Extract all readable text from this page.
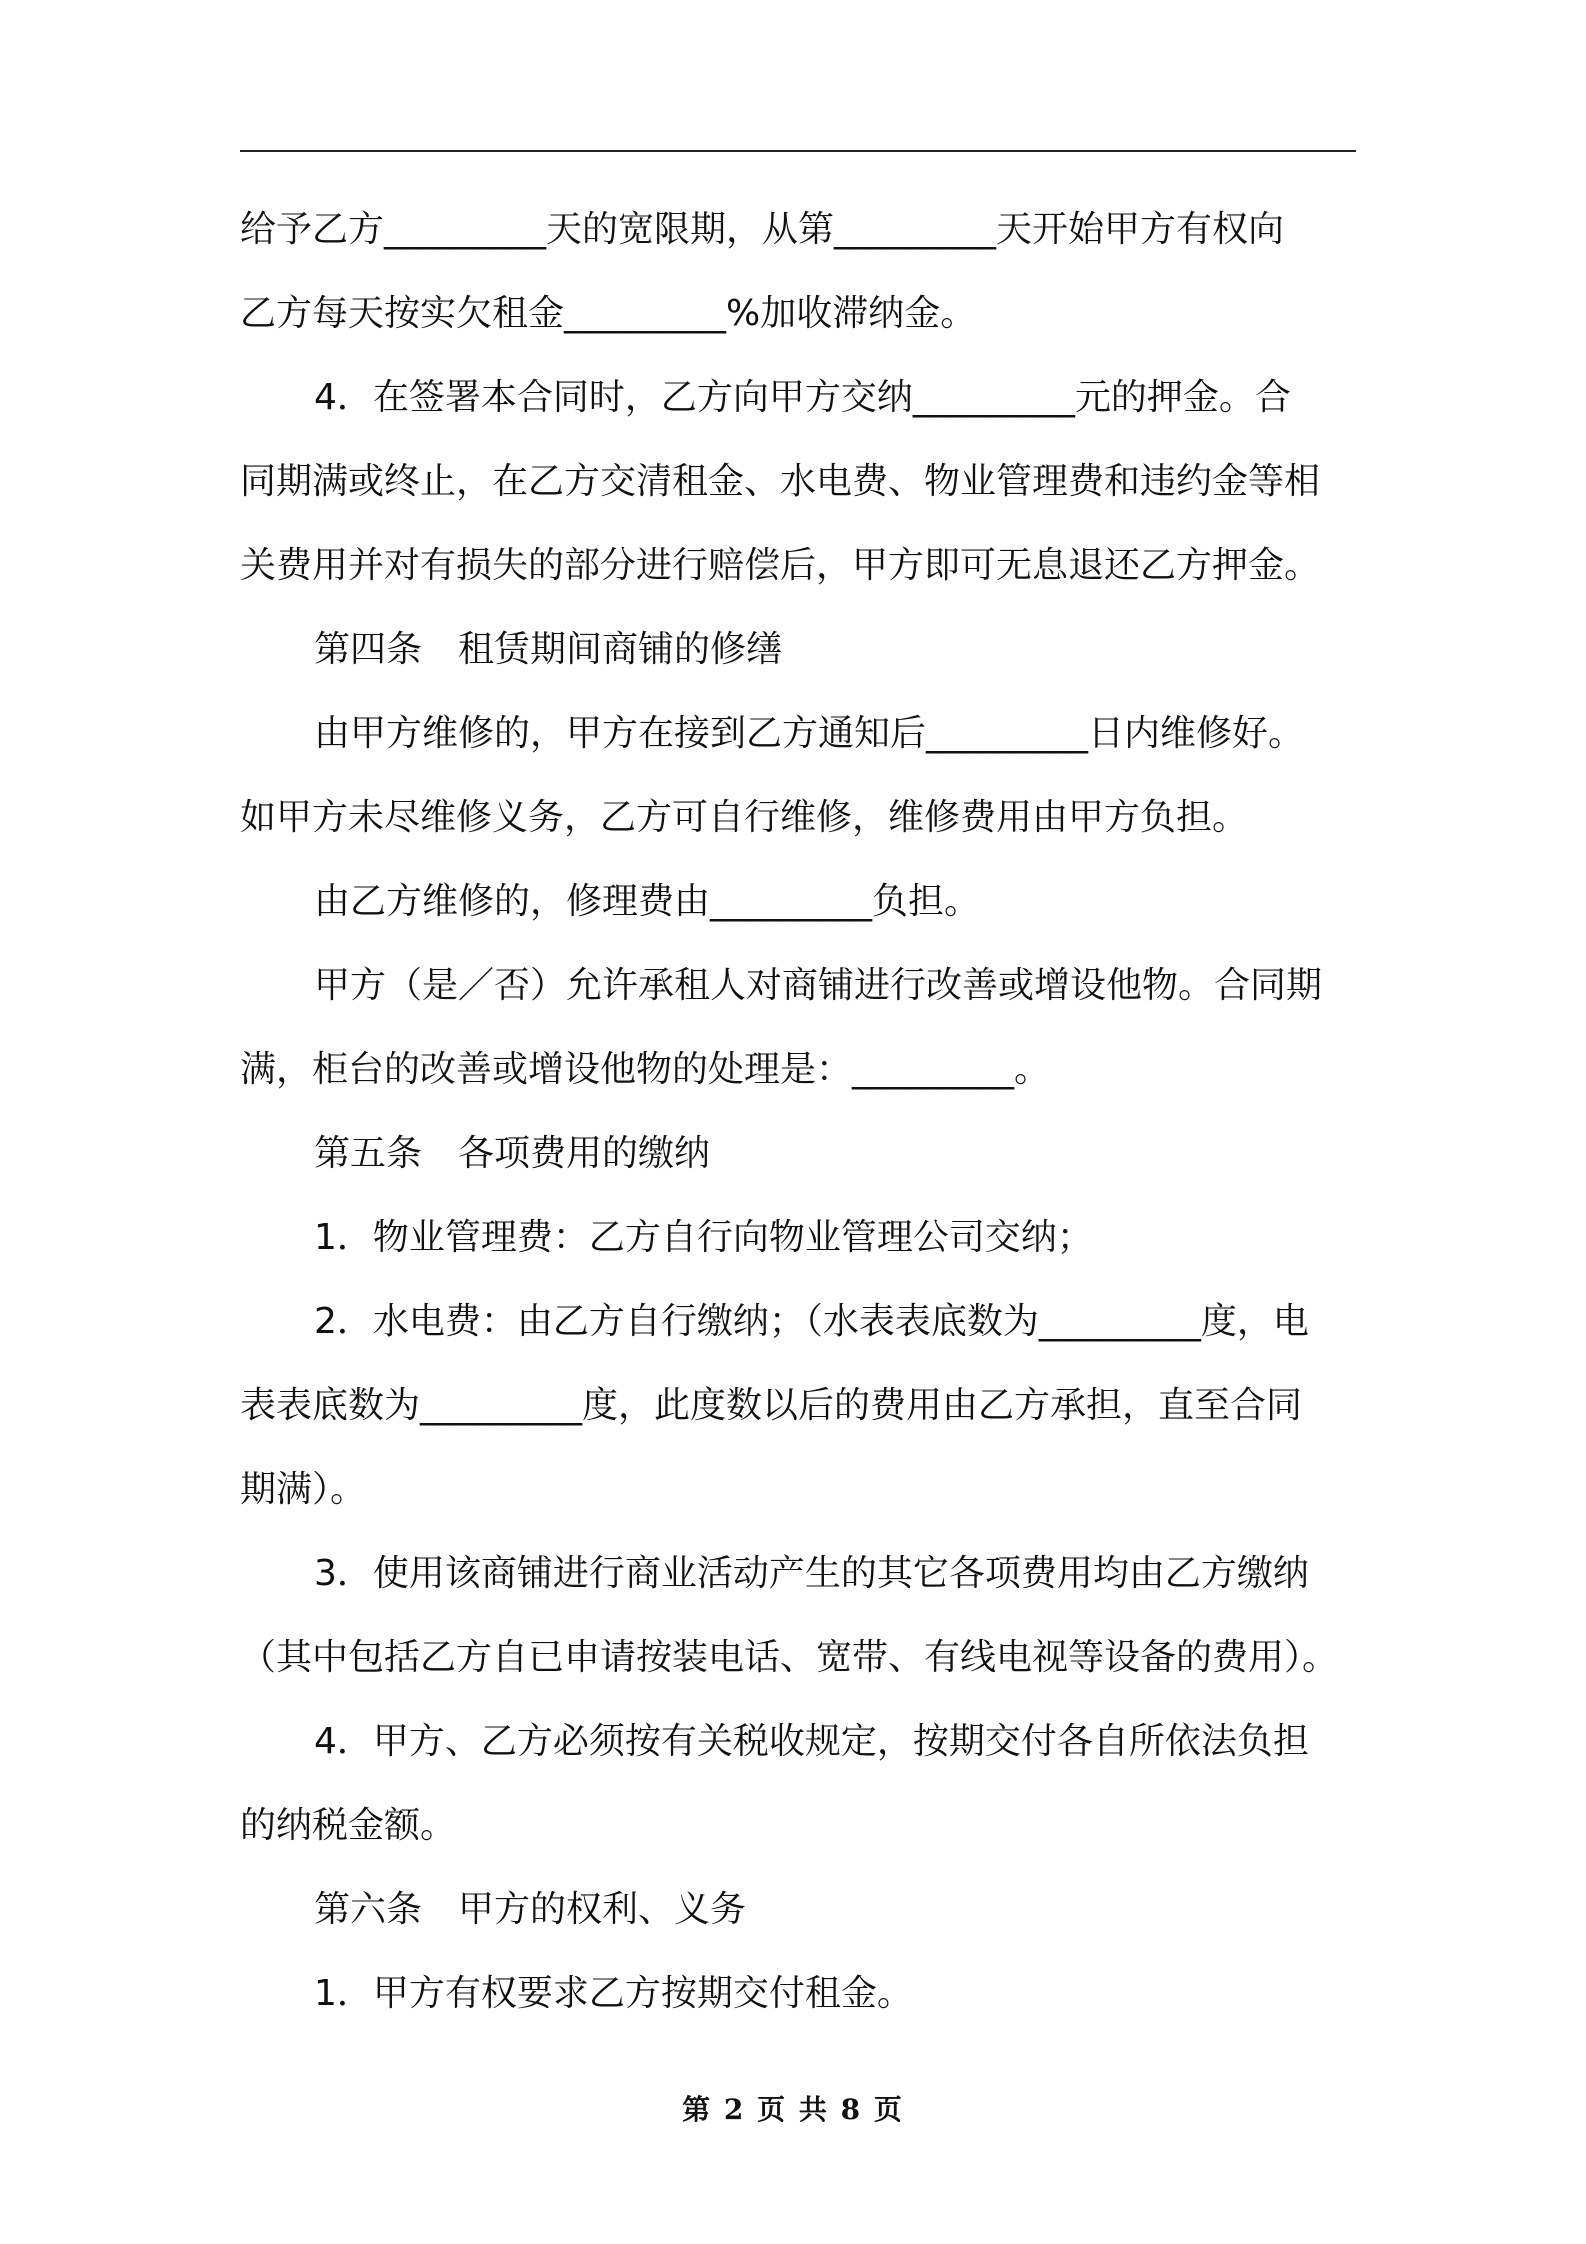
给予乙方_________天的宽限期，从第_________天开始甲方有权向
乙方每天按实欠租金_________%加收滞纳金。
4．在签署本合同时，乙方向甲方交纳_________元的押金。合
同期满或终止，在乙方交清租金、水电费、物业管理费和违约金等相
关费用并对有损失的部分进行赔偿后，甲方即可无息退还乙方押金。
第四条　租赁期间商铺的修缮
由甲方维修的，甲方在接到乙方通知后_________日内维修好。
如甲方未尽维修义务，乙方可自行维修，维修费用由甲方负担。
由乙方维修的，修理费由_________负担。
甲方（是／否）允许承租人对商铺进行改善或增设他物。合同期
满，柜台的改善或增设他物的处理是：_________。
第五条　各项费用的缴纳
1．物业管理费：乙方自行向物业管理公司交纳；
2．水电费：由乙方自行缴纳；（水表表底数为_________度，电
表表底数为_________度，此度数以后的费用由乙方承担，直至合同
期满）。
3．使用该商铺进行商业活动产生的其它各项费用均由乙方缴纳
（其中包括乙方自已申请按装电话、宽带、有线电视等设备的费用）。
4．甲方、乙方必须按有关税收规定，按期交付各自所依法负担
的纳税金额。
第六条　甲方的权利、义务
1．甲方有权要求乙方按期交付租金。
第 2 页 共 8 页
